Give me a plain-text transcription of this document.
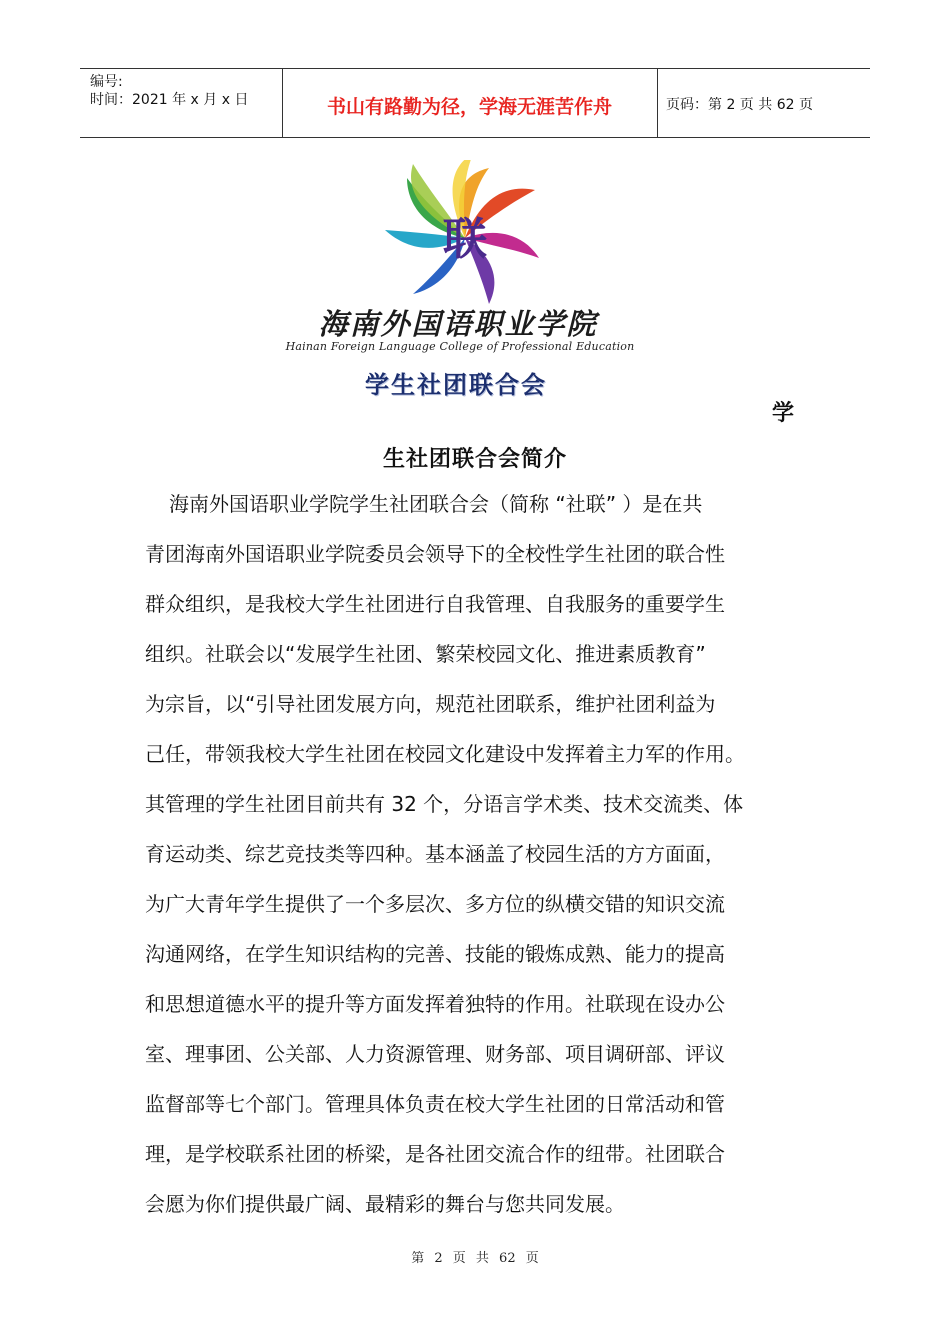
编号:
时间：2021 年 x 月 x 日	书山有路勤为径，学海无涯苦作舟	页码：第 2 页 共 62 页
联
海南外国语职业学院
Hainan Foreign Language College of Professional Education
学生社团联合会
学
生社团联合会简介
海南外国语职业学院学生社团联合会（简称 “社联” ）是在共
青团海南外国语职业学院委员会领导下的全校性学生社团的联合性
群众组织，是我校大学生社团进行自我管理、自我服务的重要学生
组织。社联会以“发展学生社团、繁荣校园文化、推进素质教育”
为宗旨，以“引导社团发展方向，规范社团联系，维护社团利益为
己任，带领我校大学生社团在校园文化建设中发挥着主力军的作用。
其管理的学生社团目前共有 32 个，分语言学术类、技术交流类、体
育运动类、综艺竞技类等四种。基本涵盖了校园生活的方方面面，
为广大青年学生提供了一个多层次、多方位的纵横交错的知识交流
沟通网络，在学生知识结构的完善、技能的锻炼成熟、能力的提高
和思想道德水平的提升等方面发挥着独特的作用。社联现在设办公
室、理事团、公关部、人力资源管理、财务部、项目调研部、评议
监督部等七个部门。管理具体负责在校大学生社团的日常活动和管
理，是学校联系社团的桥梁，是各社团交流合作的纽带。社团联合
会愿为你们提供最广阔、最精彩的舞台与您共同发展。
第 2 页 共 62 页
